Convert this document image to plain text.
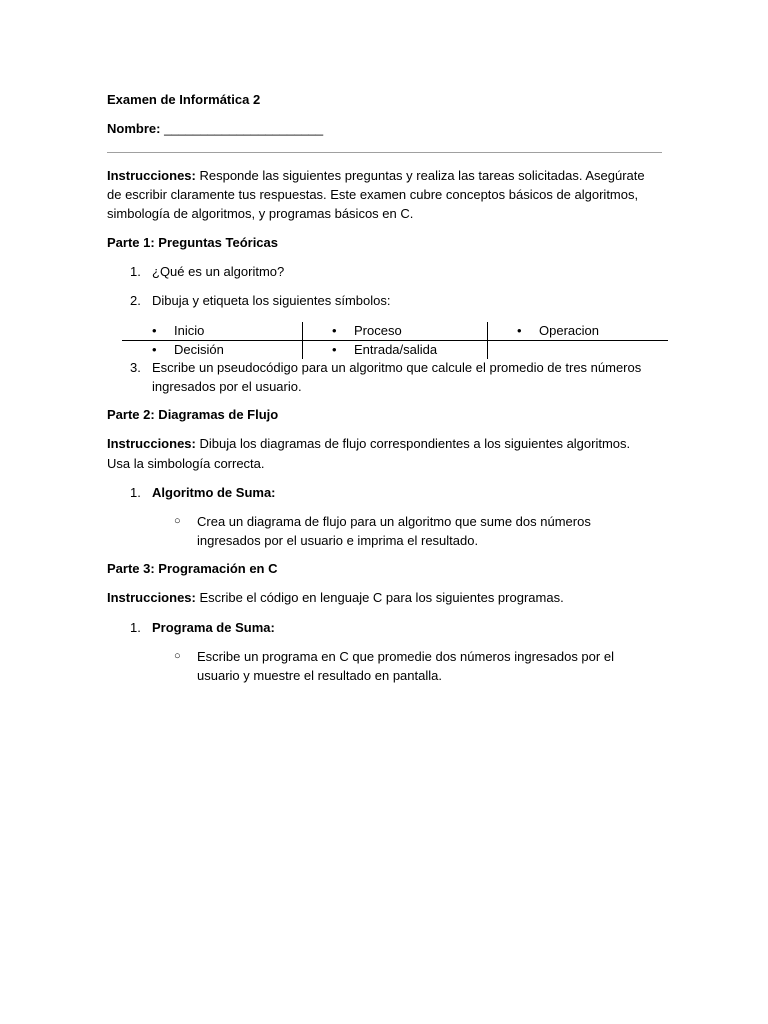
Examen de Informática 2
Nombre: ______________________
Instrucciones: Responde las siguientes preguntas y realiza las tareas solicitadas. Asegúrate
de escribir claramente tus respuestas. Este examen cubre conceptos básicos de algoritmos,
simbología de algoritmos, y programas básicos en C.
Parte 1: Preguntas Teóricas
1. ¿Qué es un algoritmo?
2. Dibuja y etiqueta los siguientes símbolos:
• Inicio	• Proceso	• Operacion
• Decisión	• Entrada/salida
3. Escribe un pseudocódigo para un algoritmo que calcule el promedio de tres números
ingresados por el usuario.
Parte 2: Diagramas de Flujo
Instrucciones: Dibuja los diagramas de flujo correspondientes a los siguientes algoritmos.
Usa la simbología correcta.
1. Algoritmo de Suma:
○ Crea un diagrama de flujo para un algoritmo que sume dos números
ingresados por el usuario e imprima el resultado.
Parte 3: Programación en C
Instrucciones: Escribe el código en lenguaje C para los siguientes programas.
1. Programa de Suma:
○ Escribe un programa en C que promedie dos números ingresados por el
usuario y muestre el resultado en pantalla.
